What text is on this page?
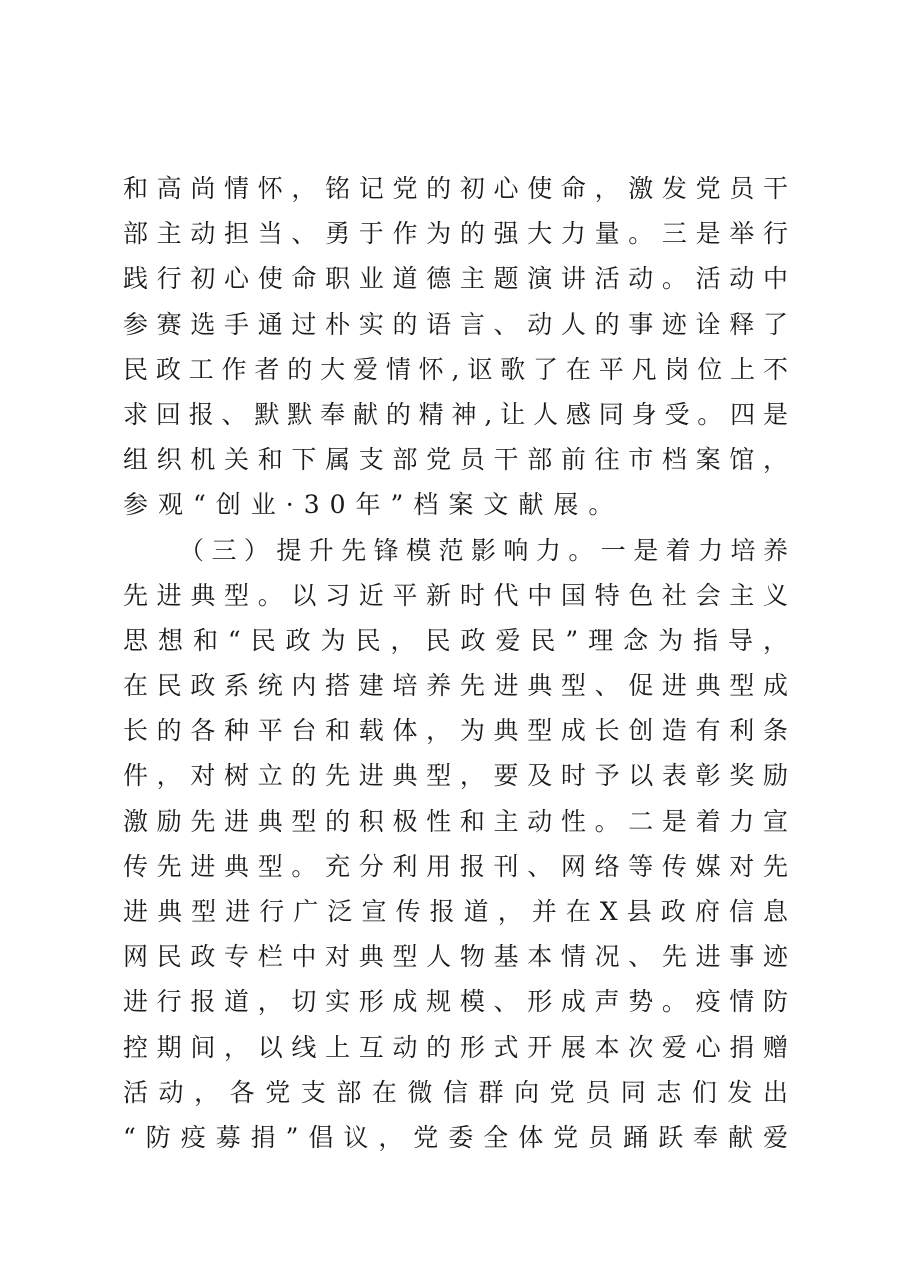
和高尚情怀，铭记党的初心使命，激发党员干
部主动担当、勇于作为的强大力量。三是举行
践行初心使命职业道德主题演讲活动。活动中
参赛选手通过朴实的语言、动人的事迹诠释了
民政工作者的大爱情怀,讴歌了在平凡岗位上不
求回报、默默奉献的精神,让人感同身受。四是
组织机关和下属支部党员干部前往市档案馆，
参观“创业·30年”档案文献展。
（三）提升先锋模范影响力。一是着力培养
先进典型。以习近平新时代中国特色社会主义
思想和“民政为民，民政爱民”理念为指导，
在民政系统内搭建培养先进典型、促进典型成
长的各种平台和载体，为典型成长创造有利条
件，对树立的先进典型，要及时予以表彰奖励
激励先进典型的积极性和主动性。二是着力宣
传先进典型。充分利用报刊、网络等传媒对先
进典型进行广泛宣传报道，并在X县政府信息
网民政专栏中对典型人物基本情况、先进事迹
进行报道，切实形成规模、形成声势。疫情防
控期间，以线上互动的形式开展本次爱心捐赠
活动，各党支部在微信群向党员同志们发出
“防疫募捐”倡议，党委全体党员踊跃奉献爱
